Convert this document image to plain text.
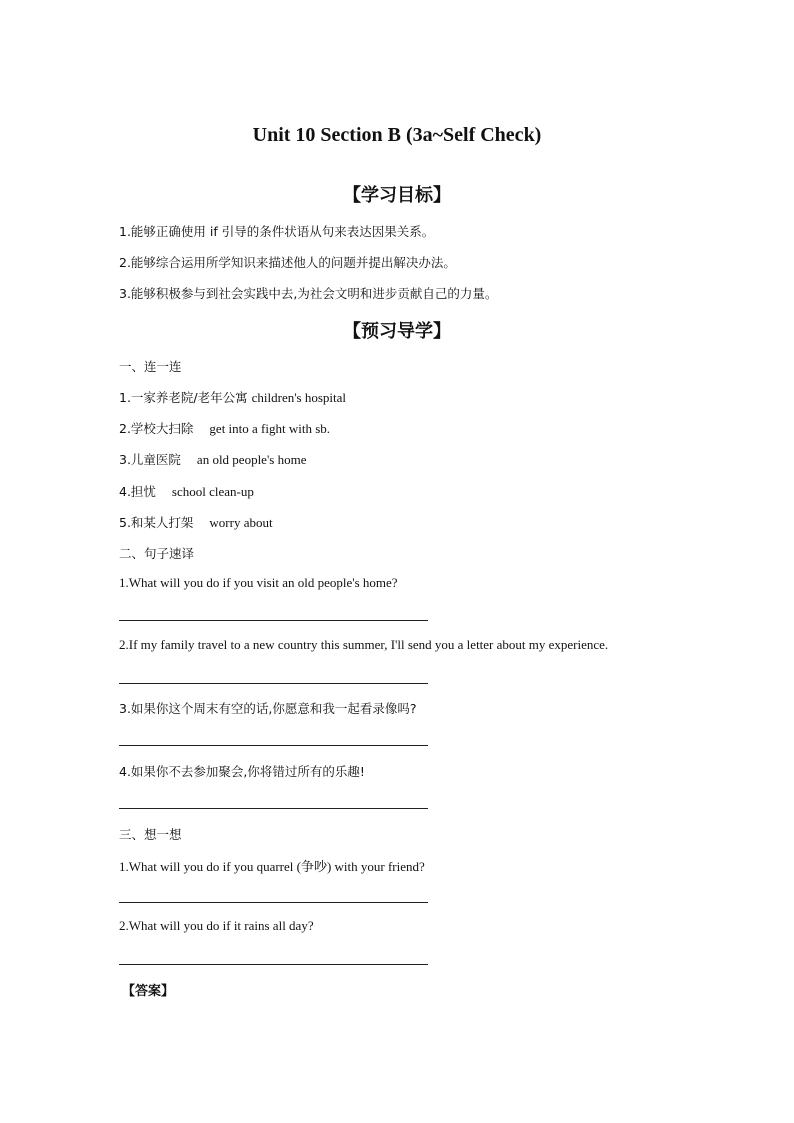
Unit 10 Section B (3a~Self Check)
【学习目标】
1.能够正确使用 if 引导的条件状语从句来表达因果关系。
2.能够综合运用所学知识来描述他人的问题并提出解决办法。
3.能够积极参与到社会实践中去,为社会文明和进步贡献自己的力量。
【预习导学】
一、连一连
1.一家养老院/老年公寓 children's hospital
2.学校大扫除 get into a fight with sb.
3.儿童医院 an old people's home
4.担忧 school clean-up
5.和某人打架 worry about
二、句子速译
1.What will you do if you visit an old people's home?
2.If my family travel to a new country this summer, I'll send you a letter about my experience.
3.如果你这个周末有空的话,你愿意和我一起看录像吗?
4.如果你不去参加聚会,你将错过所有的乐趣!
三、想一想
1.What will you do if you quarrel (争吵) with your friend?
2.What will you do if it rains all day?
【答案】
